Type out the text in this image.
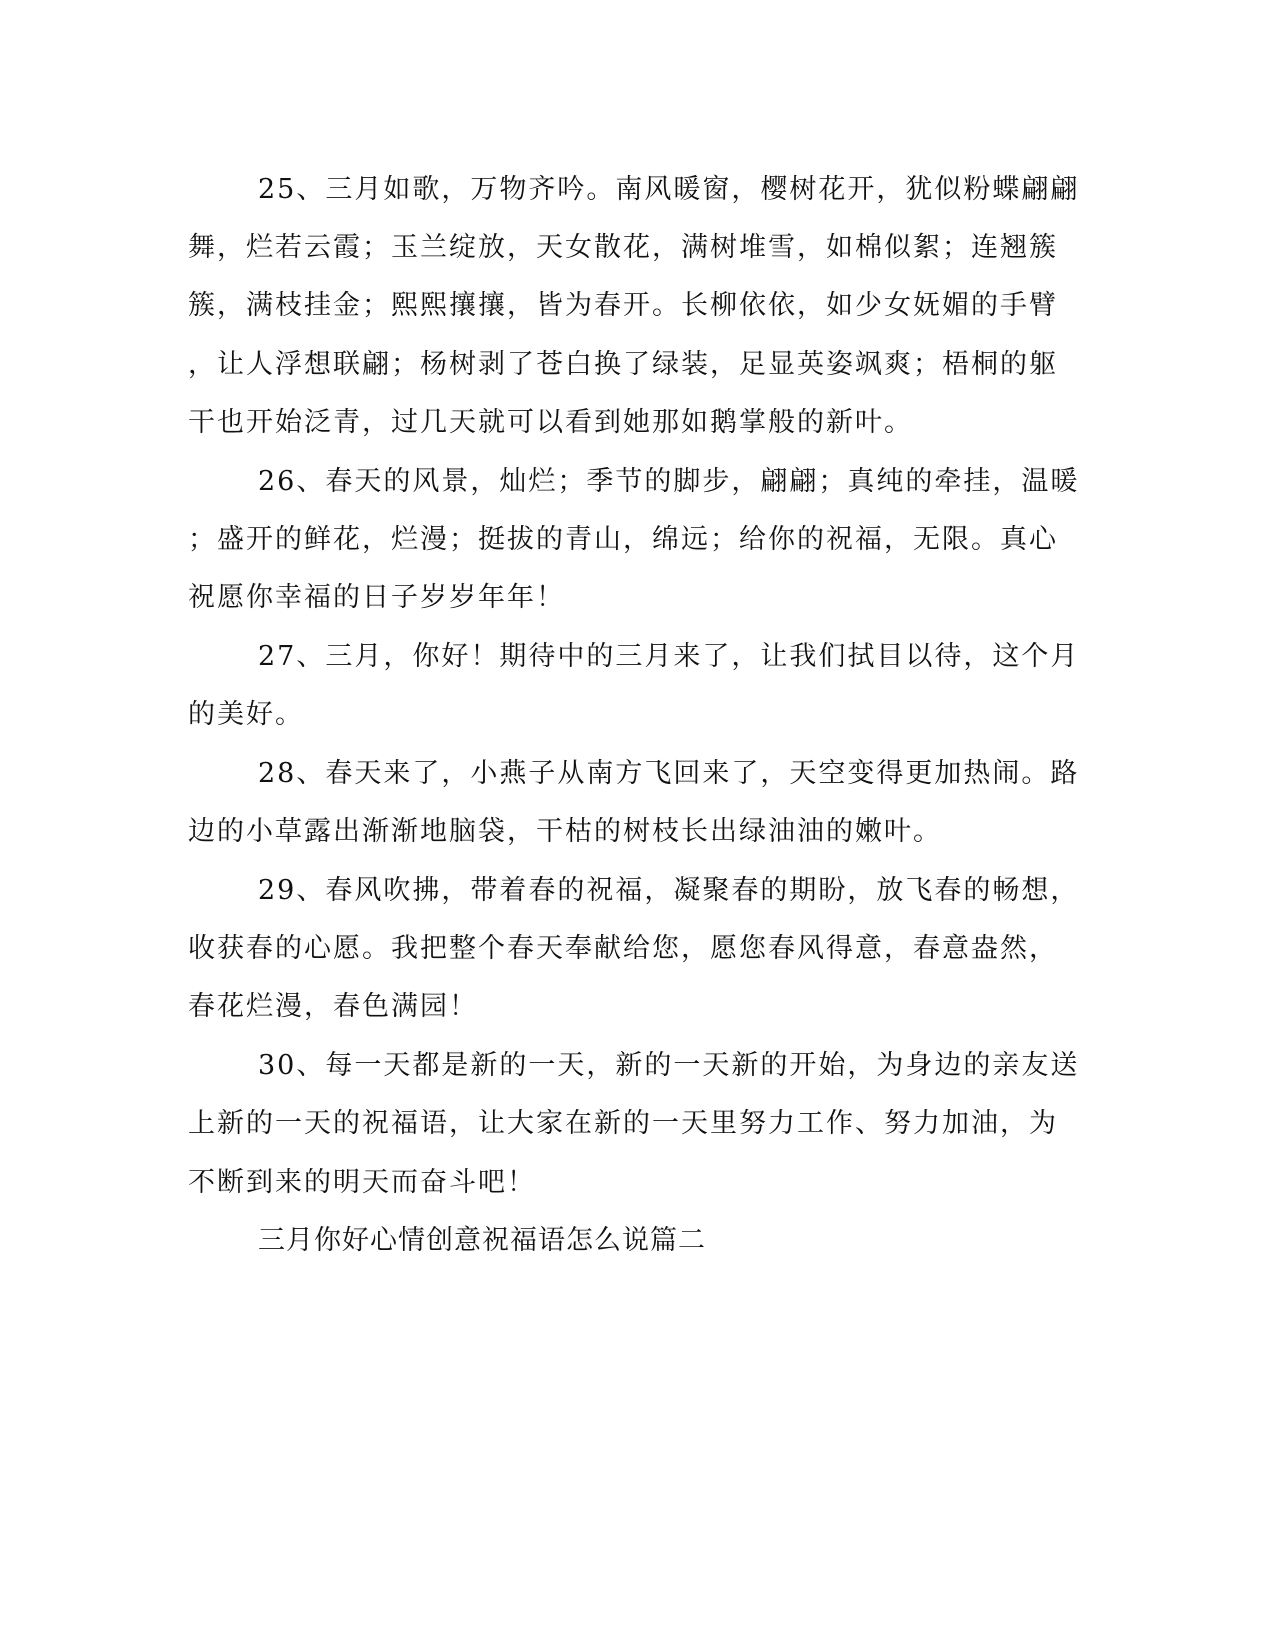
25、三月如歌，万物齐吟。南风暖窗，樱树花开，犹似粉蝶翩翩
舞，烂若云霞；玉兰绽放，天女散花，满树堆雪，如棉似絮；连翘簇
簇，满枝挂金；熙熙攘攘，皆为春开。长柳依依，如少女妩媚的手臂
，让人浮想联翩；杨树剥了苍白换了绿装，足显英姿飒爽；梧桐的躯
干也开始泛青，过几天就可以看到她那如鹅掌般的新叶。
26、春天的风景，灿烂；季节的脚步，翩翩；真纯的牵挂，温暖
；盛开的鲜花，烂漫；挺拔的青山，绵远；给你的祝福，无限。真心
祝愿你幸福的日子岁岁年年！
27、三月，你好！期待中的三月来了，让我们拭目以待，这个月
的美好。
28、春天来了，小燕子从南方飞回来了，天空变得更加热闹。路
边的小草露出渐渐地脑袋，干枯的树枝长出绿油油的嫩叶。
29、春风吹拂，带着春的祝福，凝聚春的期盼，放飞春的畅想，
收获春的心愿。我把整个春天奉献给您，愿您春风得意，春意盎然，
春花烂漫，春色满园！
30、每一天都是新的一天，新的一天新的开始，为身边的亲友送
上新的一天的祝福语，让大家在新的一天里努力工作、努力加油，为
不断到来的明天而奋斗吧！
三月你好心情创意祝福语怎么说篇二
